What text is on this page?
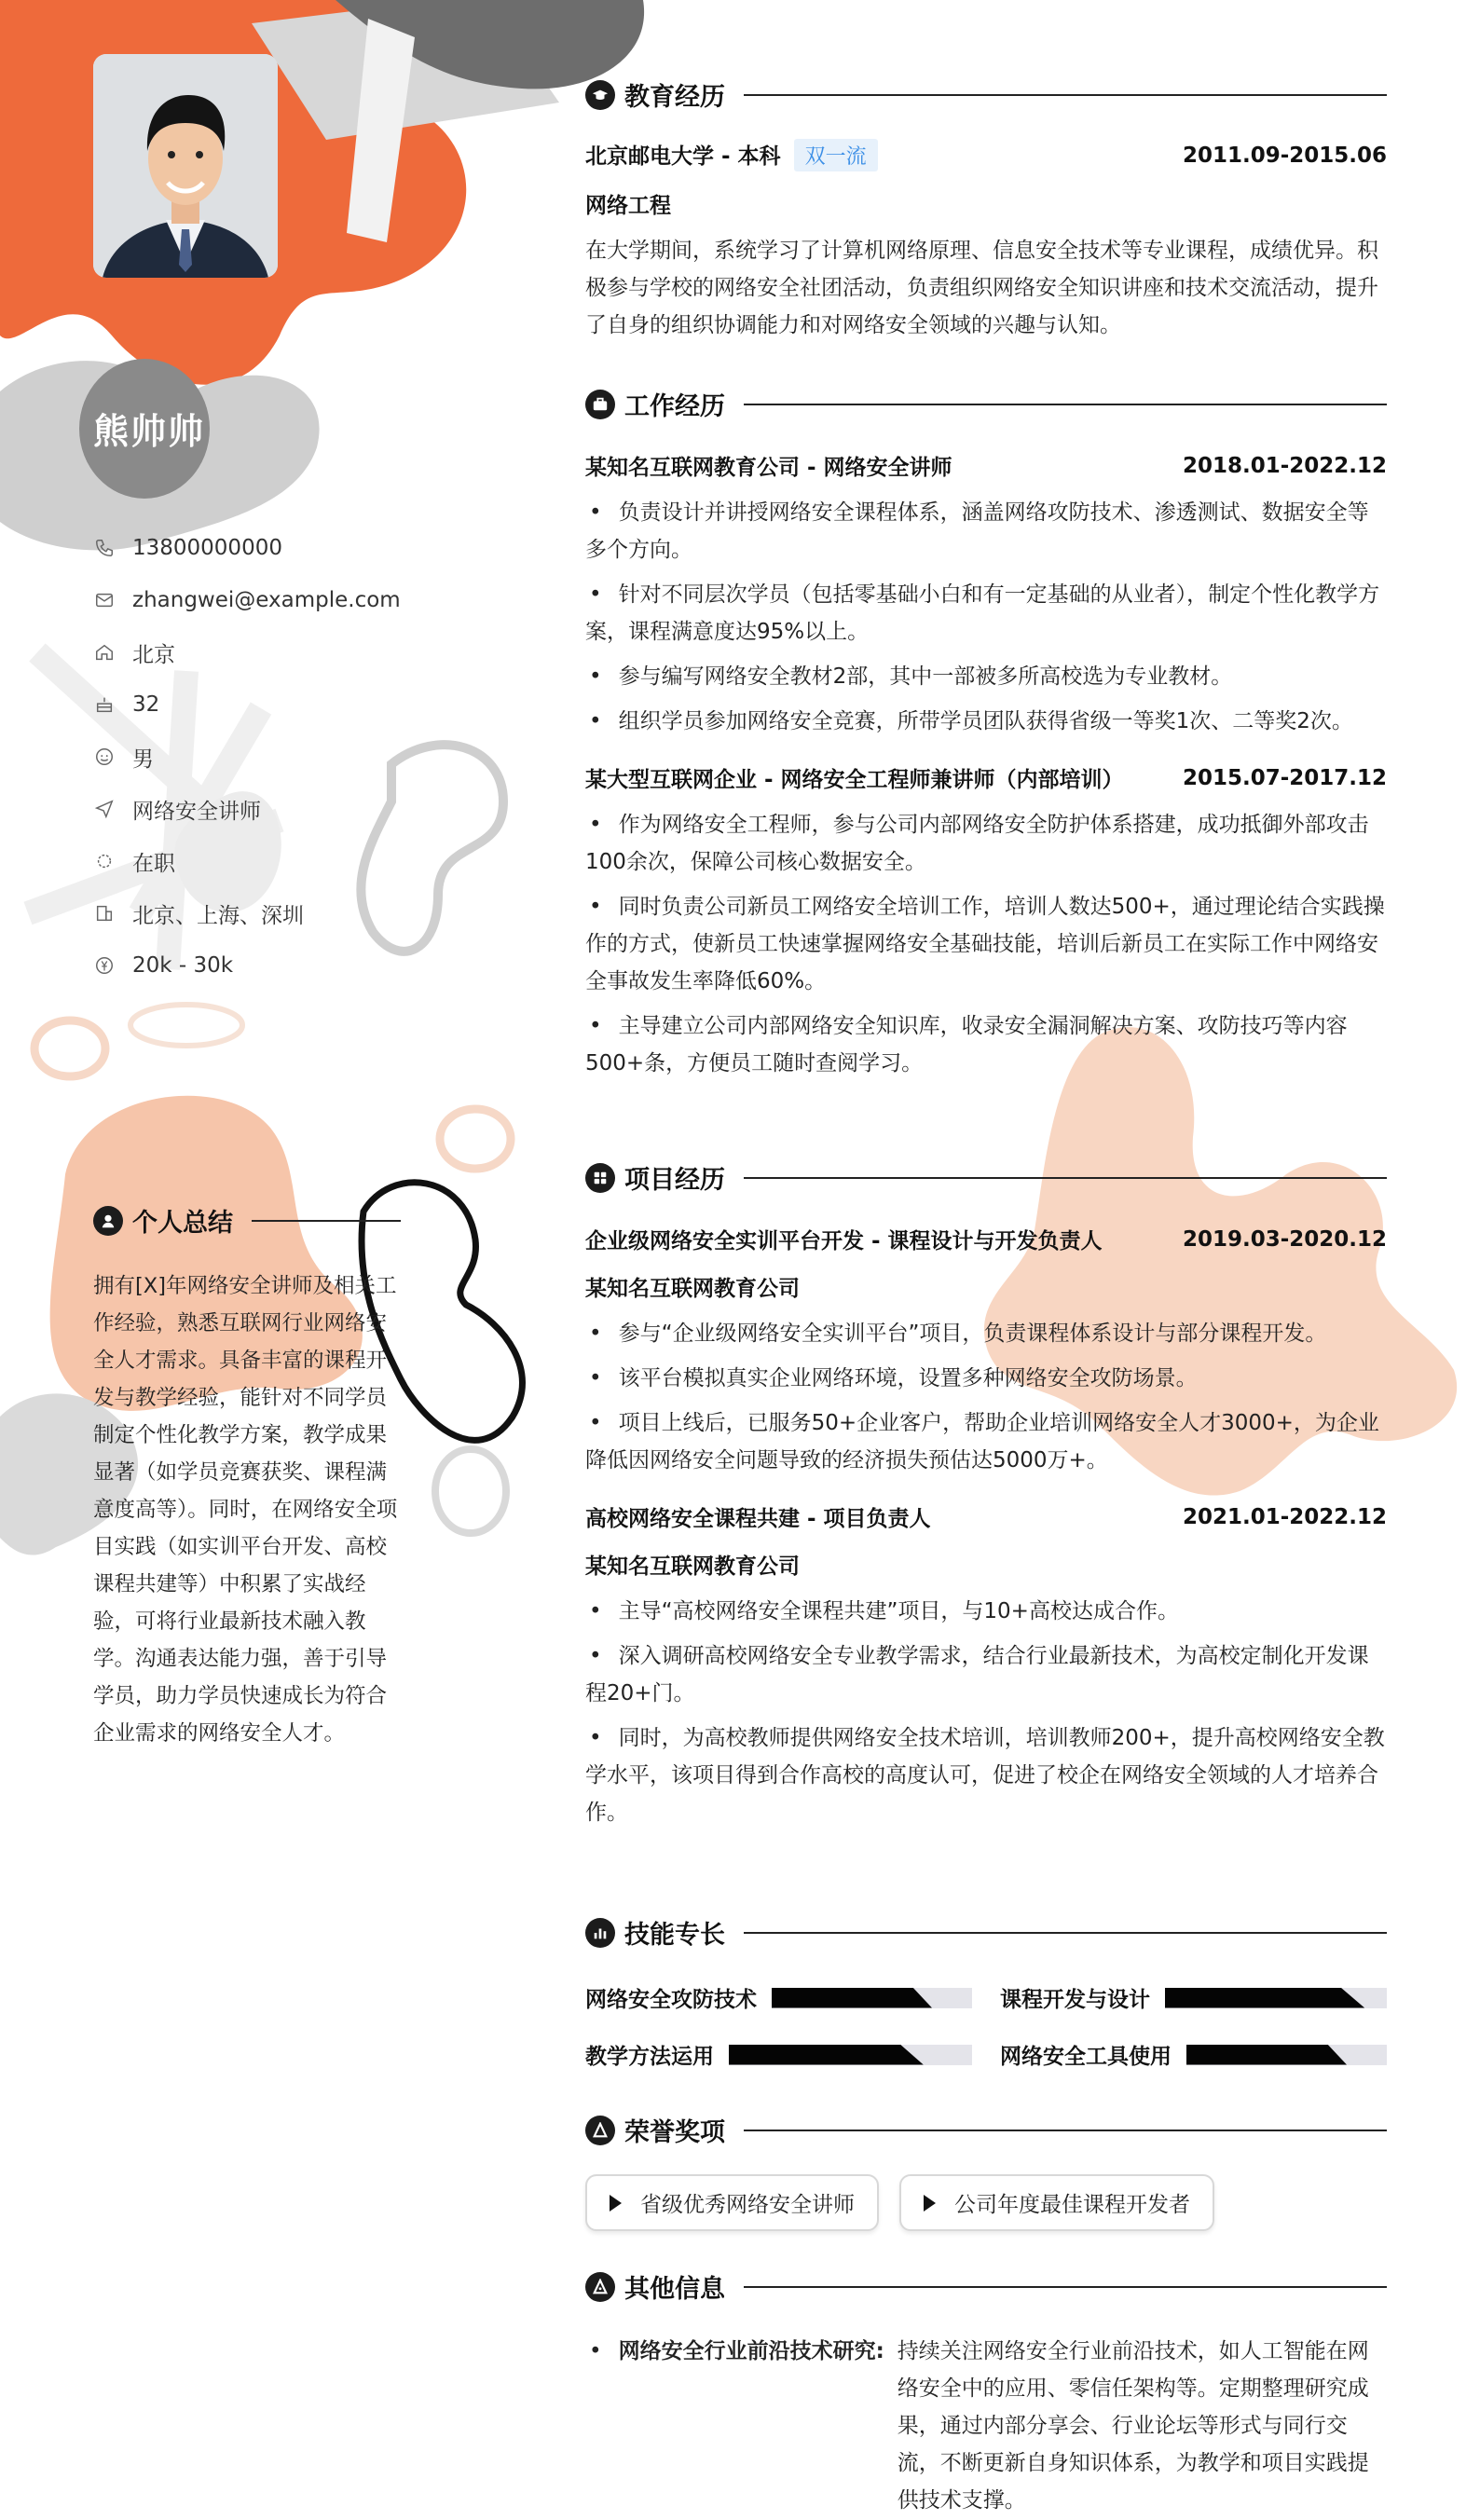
熊帅帅
13800000000
zhangwei@example.com
北京
32
男
网络安全讲师
在职
北京、上海、深圳
20k - 30k
个人总结
拥有[X]年网络安全讲师及相关工作经验，熟悉互联网行业网络安全人才需求。具备丰富的课程开发与教学经验，能针对不同学员制定个性化教学方案，教学成果显著（如学员竞赛获奖、课程满意度高等）。同时，在网络安全项目实践（如实训平台开发、高校课程共建等）中积累了实战经验，可将行业最新技术融入教学。沟通表达能力强，善于引导学员，助力学员快速成长为符合企业需求的网络安全人才。
教育经历
北京邮电大学 - 本科 双一流	2011.09-2015.06
网络工程
在大学期间，系统学习了计算机网络原理、信息安全技术等专业课程，成绩优异。积极参与学校的网络安全社团活动，负责组织网络安全知识讲座和技术交流活动，提升了自身的组织协调能力和对网络安全领域的兴趣与认知。
工作经历
某知名互联网教育公司 - 网络安全讲师	2018.01-2022.12
• 负责设计并讲授网络安全课程体系，涵盖网络攻防技术、渗透测试、数据安全等多个方向。
• 针对不同层次学员（包括零基础小白和有一定基础的从业者），制定个性化教学方案，课程满意度达95%以上。
• 参与编写网络安全教材2部，其中一部被多所高校选为专业教材。
• 组织学员参加网络安全竞赛，所带学员团队获得省级一等奖1次、二等奖2次。
某大型互联网企业 - 网络安全工程师兼讲师（内部培训）	2015.07-2017.12
• 作为网络安全工程师，参与公司内部网络安全防护体系搭建，成功抵御外部攻击100余次，保障公司核心数据安全。
• 同时负责公司新员工网络安全培训工作，培训人数达500+，通过理论结合实践操作的方式，使新员工快速掌握网络安全基础技能，培训后新员工在实际工作中网络安全事故发生率降低60%。
• 主导建立公司内部网络安全知识库，收录安全漏洞解决方案、攻防技巧等内容500+条，方便员工随时查阅学习。
项目经历
企业级网络安全实训平台开发 - 课程设计与开发负责人	2019.03-2020.12
某知名互联网教育公司
• 参与“企业级网络安全实训平台”项目，负责课程体系设计与部分课程开发。
• 该平台模拟真实企业网络环境，设置多种网络安全攻防场景。
• 项目上线后，已服务50+企业客户，帮助企业培训网络安全人才3000+，为企业降低因网络安全问题导致的经济损失预估达5000万+。
高校网络安全课程共建 - 项目负责人	2021.01-2022.12
某知名互联网教育公司
• 主导“高校网络安全课程共建”项目，与10+高校达成合作。
• 深入调研高校网络安全专业教学需求，结合行业最新技术，为高校定制化开发课程20+门。
• 同时，为高校教师提供网络安全技术培训，培训教师200+，提升高校网络安全教学水平，该项目得到合作高校的高度认可，促进了校企在网络安全领域的人才培养合作。
技能专长
网络安全攻防技术	课程开发与设计
教学方法运用	网络安全工具使用
荣誉奖项
省级优秀网络安全讲师	公司年度最佳课程开发者
其他信息
• 网络安全行业前沿技术研究: 持续关注网络安全行业前沿技术，如人工智能在网络安全中的应用、零信任架构等。定期整理研究成果，通过内部分享会、行业论坛等形式与同行交流，不断更新自身知识体系，为教学和项目实践提供技术支撑。
